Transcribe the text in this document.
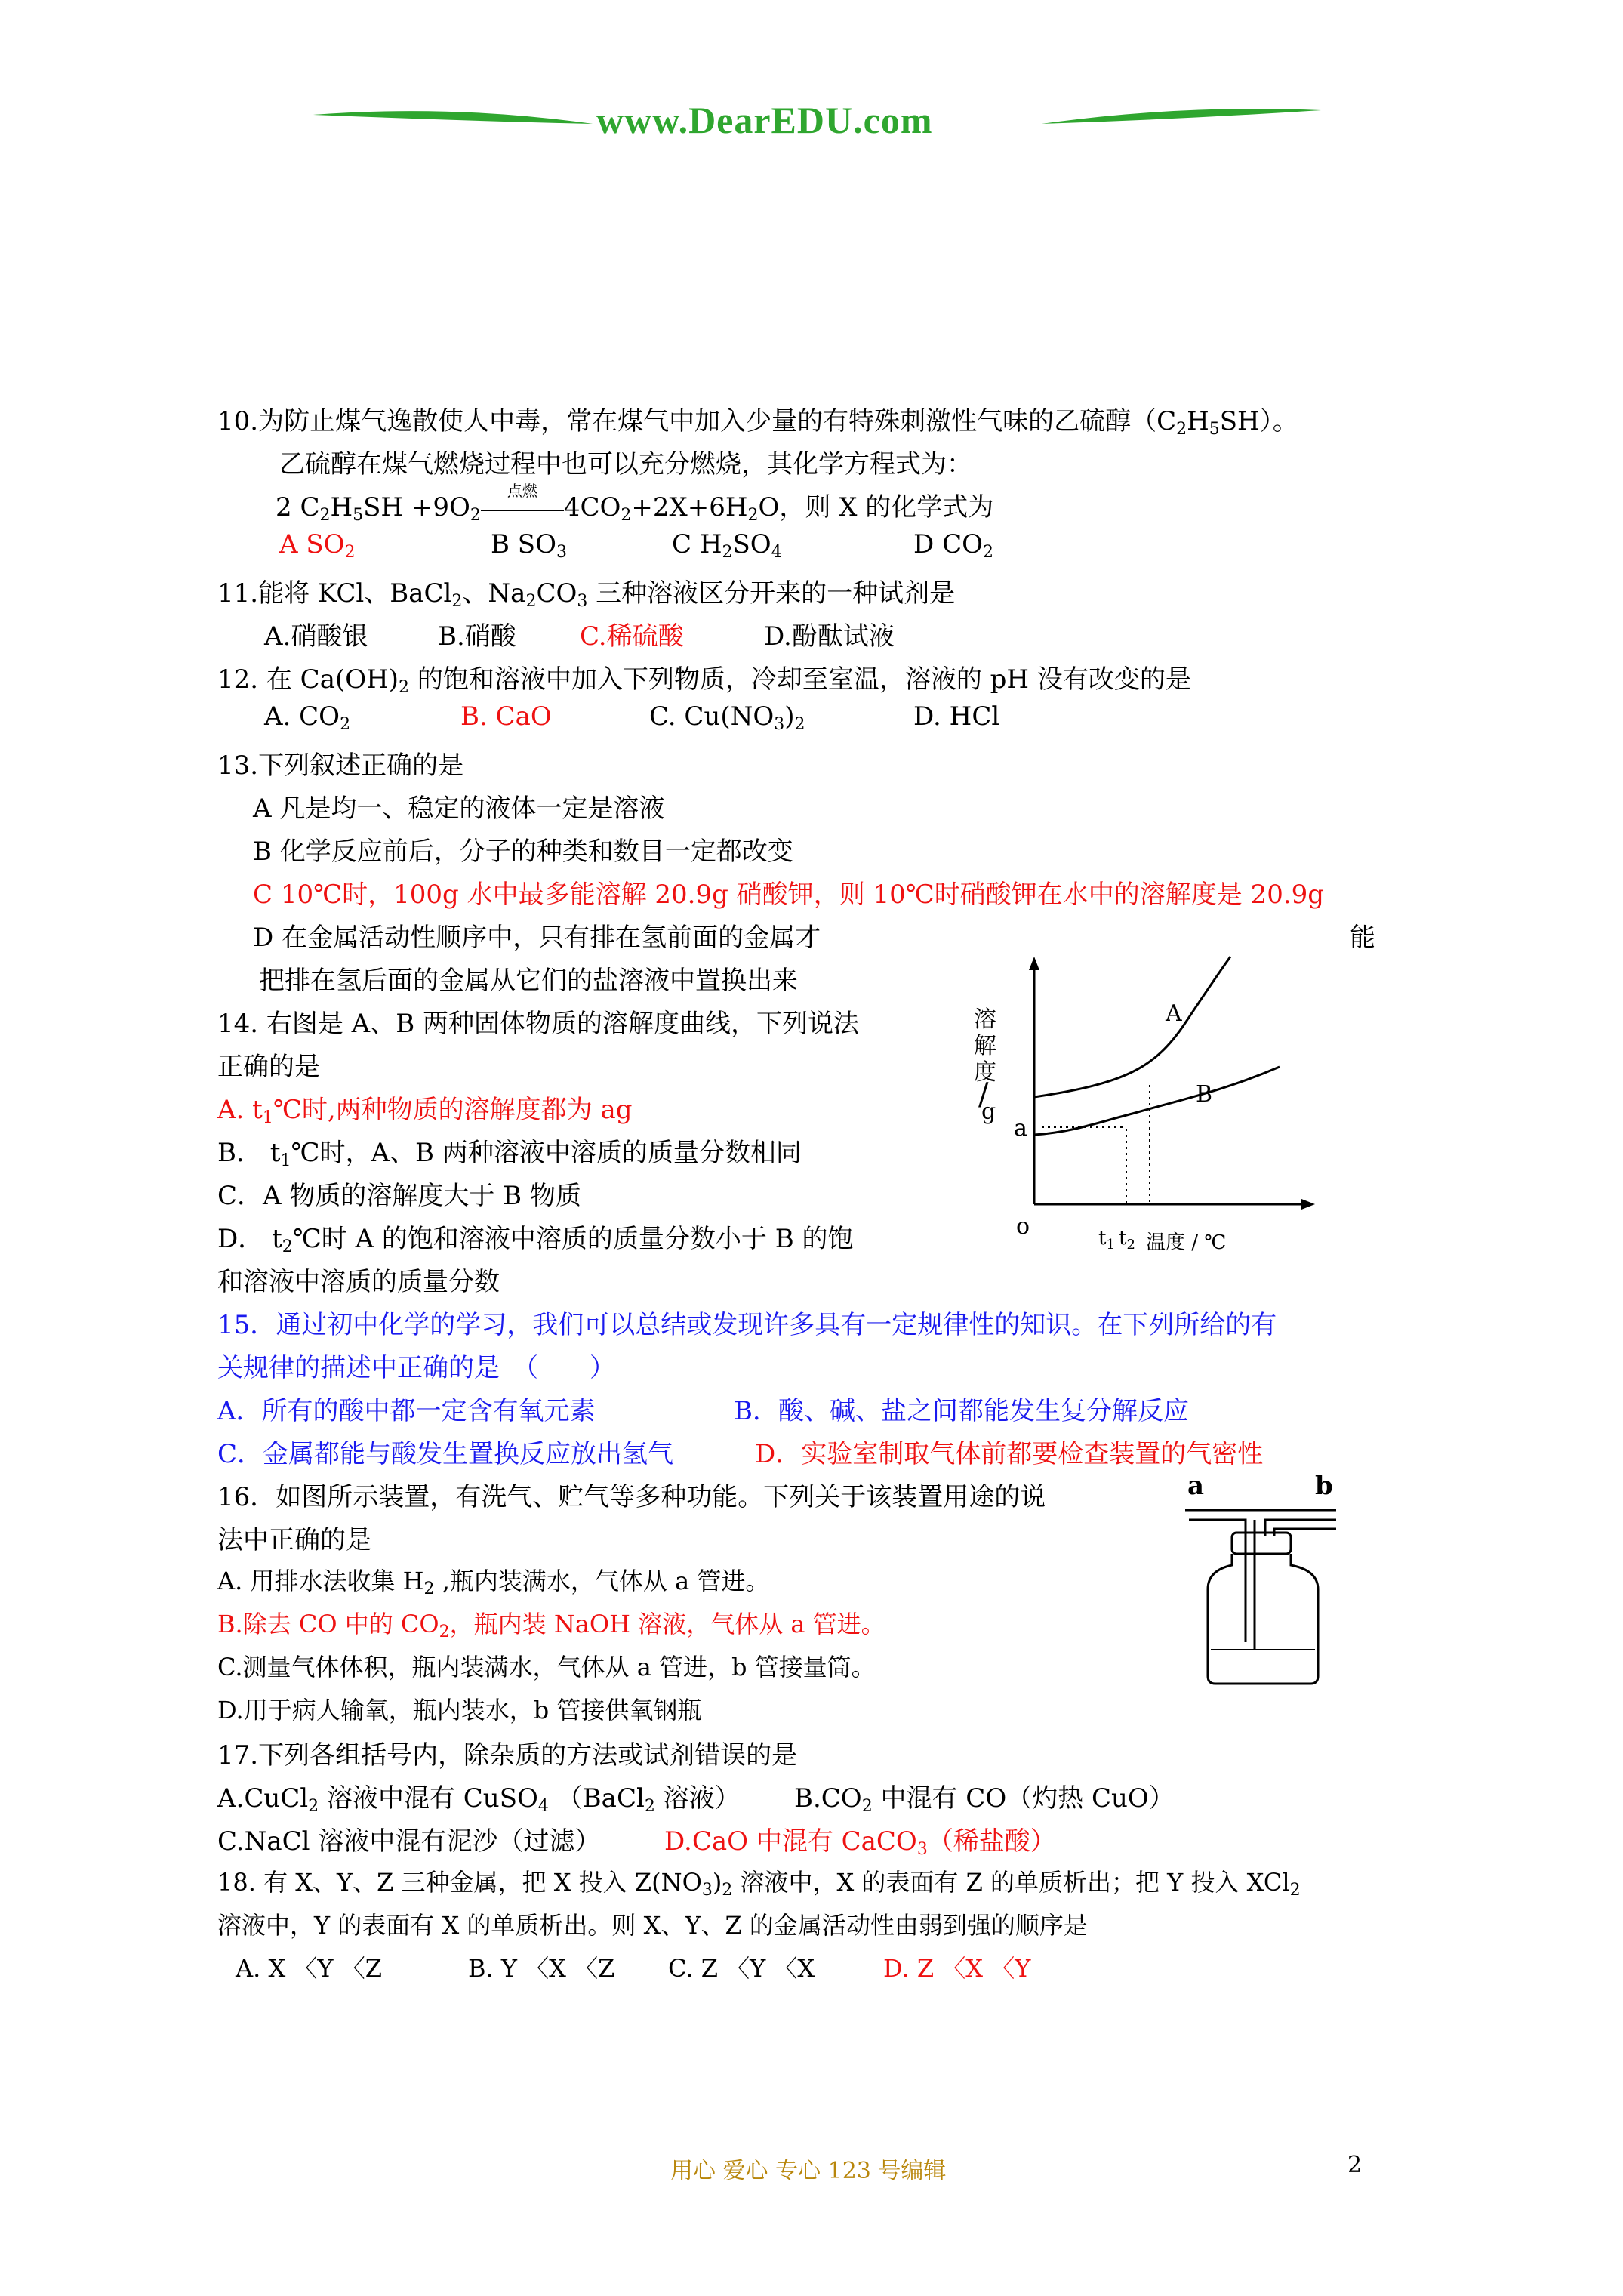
www.DearEDU.com
10.为防止煤气逸散使人中毒，常在煤气中加入少量的有特殊刺激性气味的乙硫醇$(C_2H_5SH)$。
乙硫醇在煤气燃烧过程中也可以充分燃烧，其化学方程式为：
2 $C_2H_5SH +9O_2$
点燃
$4CO_2+2X+6H_2O$，则 X 的化学式为
A $SO_2$	B $SO_3$	C $H_2SO_4$	D $CO_2$
11.能将 KCl、BaCl$_2$、$Na_2CO_3$ 三种溶液区分开来的一种试剂是
A.硝酸银	B.硝酸 C.稀硫酸	D.酚酞试液
12. 在 $Ca(OH)_2$ 的饱和溶液中加入下列物质，冷却至室温，溶液的 pH 没有改变的是
A. $CO_2$	B. CaO	C. $Cu(NO_3)_2$	D. HCl
13.下列叙述正确的是
A 凡是均一、稳定的液体一定是溶液
B 化学反应前后，分子的种类和数目一定都改变
C 10℃时，100g 水中最多能溶解 20.9g 硝酸钾，则 10℃时硝酸钾在水中的溶解度是 20.9g
D 在金属活动性顺序中，只有排在氢前面的金属才	能
把排在氢后面的金属从它们的盐溶液中置换出来
14. 右图是 A、B 两种固体物质的溶解度曲线，下列说法
正确的是
A. $t_1℃$时,两种物质的溶解度都为 ag
B． $t_1℃$时，A、B 两种溶液中溶质的质量分数相同
C．A 物质的溶解度大于 B 物质
D． $t_2℃$时 A 的饱和溶液中溶质的质量分数小于 B 的饱
和溶液中溶质的质量分数
溶
解
度
/
g
A
B
a
o	$t_1$ $t_2$ 温度 / ℃
15．通过初中化学的学习，我们可以总结或发现许多具有一定规律性的知识。在下列所给的有
关规律的描述中正确的是　（　　）
A．所有的酸中都一定含有氧元素	B．酸、碱、盐之间都能发生复分解反应
C．金属都能与酸发生置换反应放出氢气	D．实验室制取气体前都要检查装置的气密性
16．如图所示装置，有洗气、贮气等多种功能。下列关于该装置用途的说
法中正确的是
A. 用排水法收集 $H_2$ ,瓶内装满水，气体从 a 管进。
B.除去 CO 中的 $CO_2$，瓶内装 NaOH 溶液，气体从 a 管进。
C.测量气体体积，瓶内装满水，气体从 a 管进，b 管接量筒。
D.用于病人输氧，瓶内装水，b 管接供氧钢瓶
a	b
17.下列各组括号内，除杂质的方法或试剂错误的是
A.CuCl$_2$ 溶液中混有 CuSO$_4$ （BaCl$_2$ 溶液） $B.CO_2$ 中混有 CO（灼热 CuO）
C.NaCl 溶液中混有泥沙（过滤） D.CaO 中混有 CaCO$_3$（稀盐酸）
18. 有 X、Y、Z 三种金属，把 X 投入 $Z(NO_3)_2$ 溶液中，X 的表面有 Z 的单质析出；把 Y 投入 XCl$_2$
溶液中，Y 的表面有 X 的单质析出。则 X、Y、Z 的金属活动性由弱到强的顺序是
A. X 〈Y 〈Z	B. Y 〈X 〈Z C. Z 〈Y 〈X	D. Z 〈X 〈Y
用心 爱心 专心 123 号编辑	2
